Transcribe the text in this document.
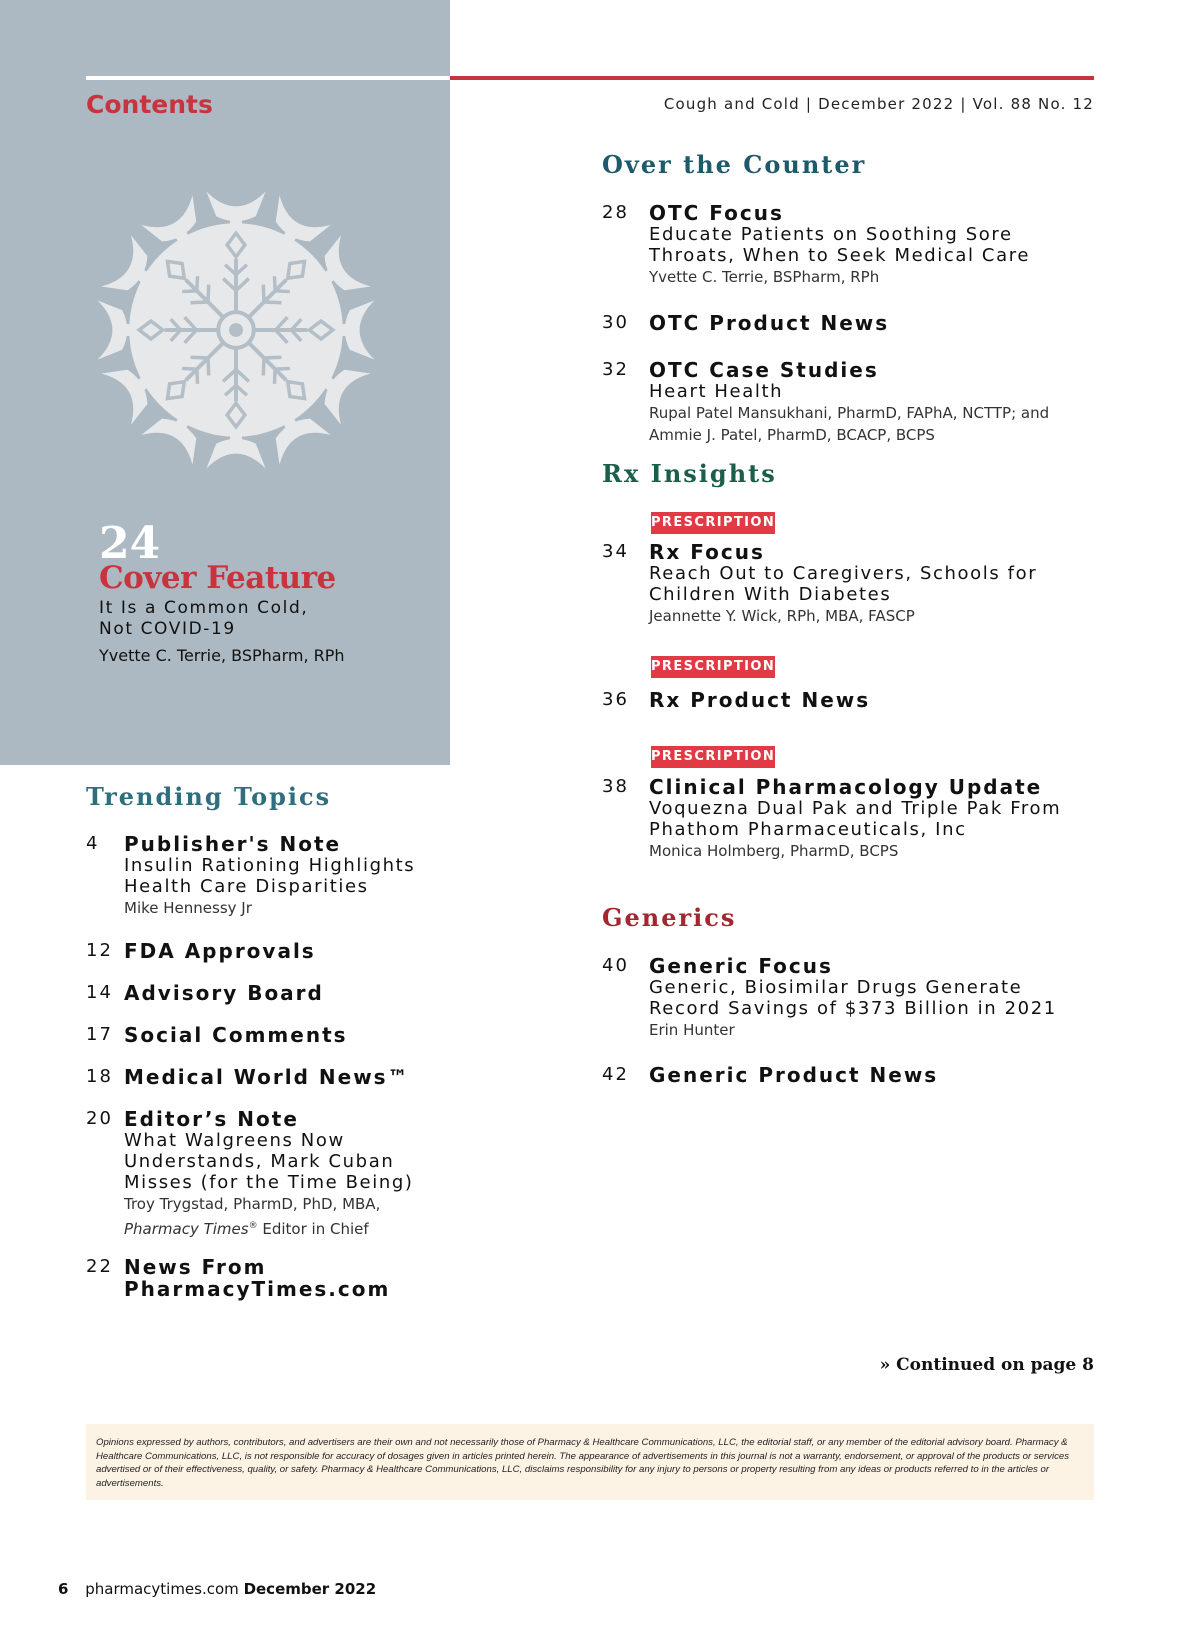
Contents	Cough and Cold | December 2022 | Vol. 88 No. 12
24
Cover Feature
It Is a Common Cold,
Not COVID-19
Yvette C. Terrie, BSPharm, RPh
Trending Topics
4	Publisher's Note
Insulin Rationing Highlights
Health Care Disparities
Mike Hennessy Jr
12 FDA Approvals
14 Advisory Board
17 Social Comments
18 Medical World News™
20 Editor’s Note
What Walgreens Now
Understands, Mark Cuban
Misses (for the Time Being)
Troy Trygstad, PharmD, PhD, MBA,
Pharmacy Times® Editor in Chief
22 News From
PharmacyTimes.com
Over the Counter
28	OTC Focus
Educate Patients on Soothing Sore
Throats, When to Seek Medical Care
Yvette C. Terrie, BSPharm, RPh
30	OTC Product News
32	OTC Case Studies
Heart Health
Rupal Patel Mansukhani, PharmD, FAPhA, NCTTP; and
Ammie J. Patel, PharmD, BCACP, BCPS
Rx Insights
PRESCRIPTION
34	Rx Focus
Reach Out to Caregivers, Schools for
Children With Diabetes
Jeannette Y. Wick, RPh, MBA, FASCP
PRESCRIPTION
36	Rx Product News
PRESCRIPTION
38	Clinical Pharmacology Update
Voquezna Dual Pak and Triple Pak From
Phathom Pharmaceuticals, Inc
Monica Holmberg, PharmD, BCPS
Generics
40	Generic Focus
Generic, Biosimilar Drugs Generate
Record Savings of $373 Billion in 2021
Erin Hunter
42	Generic Product News
» Continued on page 8
Opinions expressed by authors, contributors, and advertisers are their own and not necessarily those of Pharmacy & Healthcare Communications, LLC, the editorial staff, or any member of the editorial advisory board. Pharmacy & Healthcare Communications, LLC, is not responsible for accuracy of dosages given in articles printed herein. The appearance of advertisements in this journal is not a warranty, endorsement, or approval of the products or services advertised or of their effectiveness, quality, or safety. Pharmacy & Healthcare Communications, LLC, disclaims responsibility for any injury to persons or property resulting from any ideas or products referred to in the articles or advertisements.
6 pharmacytimes.com December 2022
